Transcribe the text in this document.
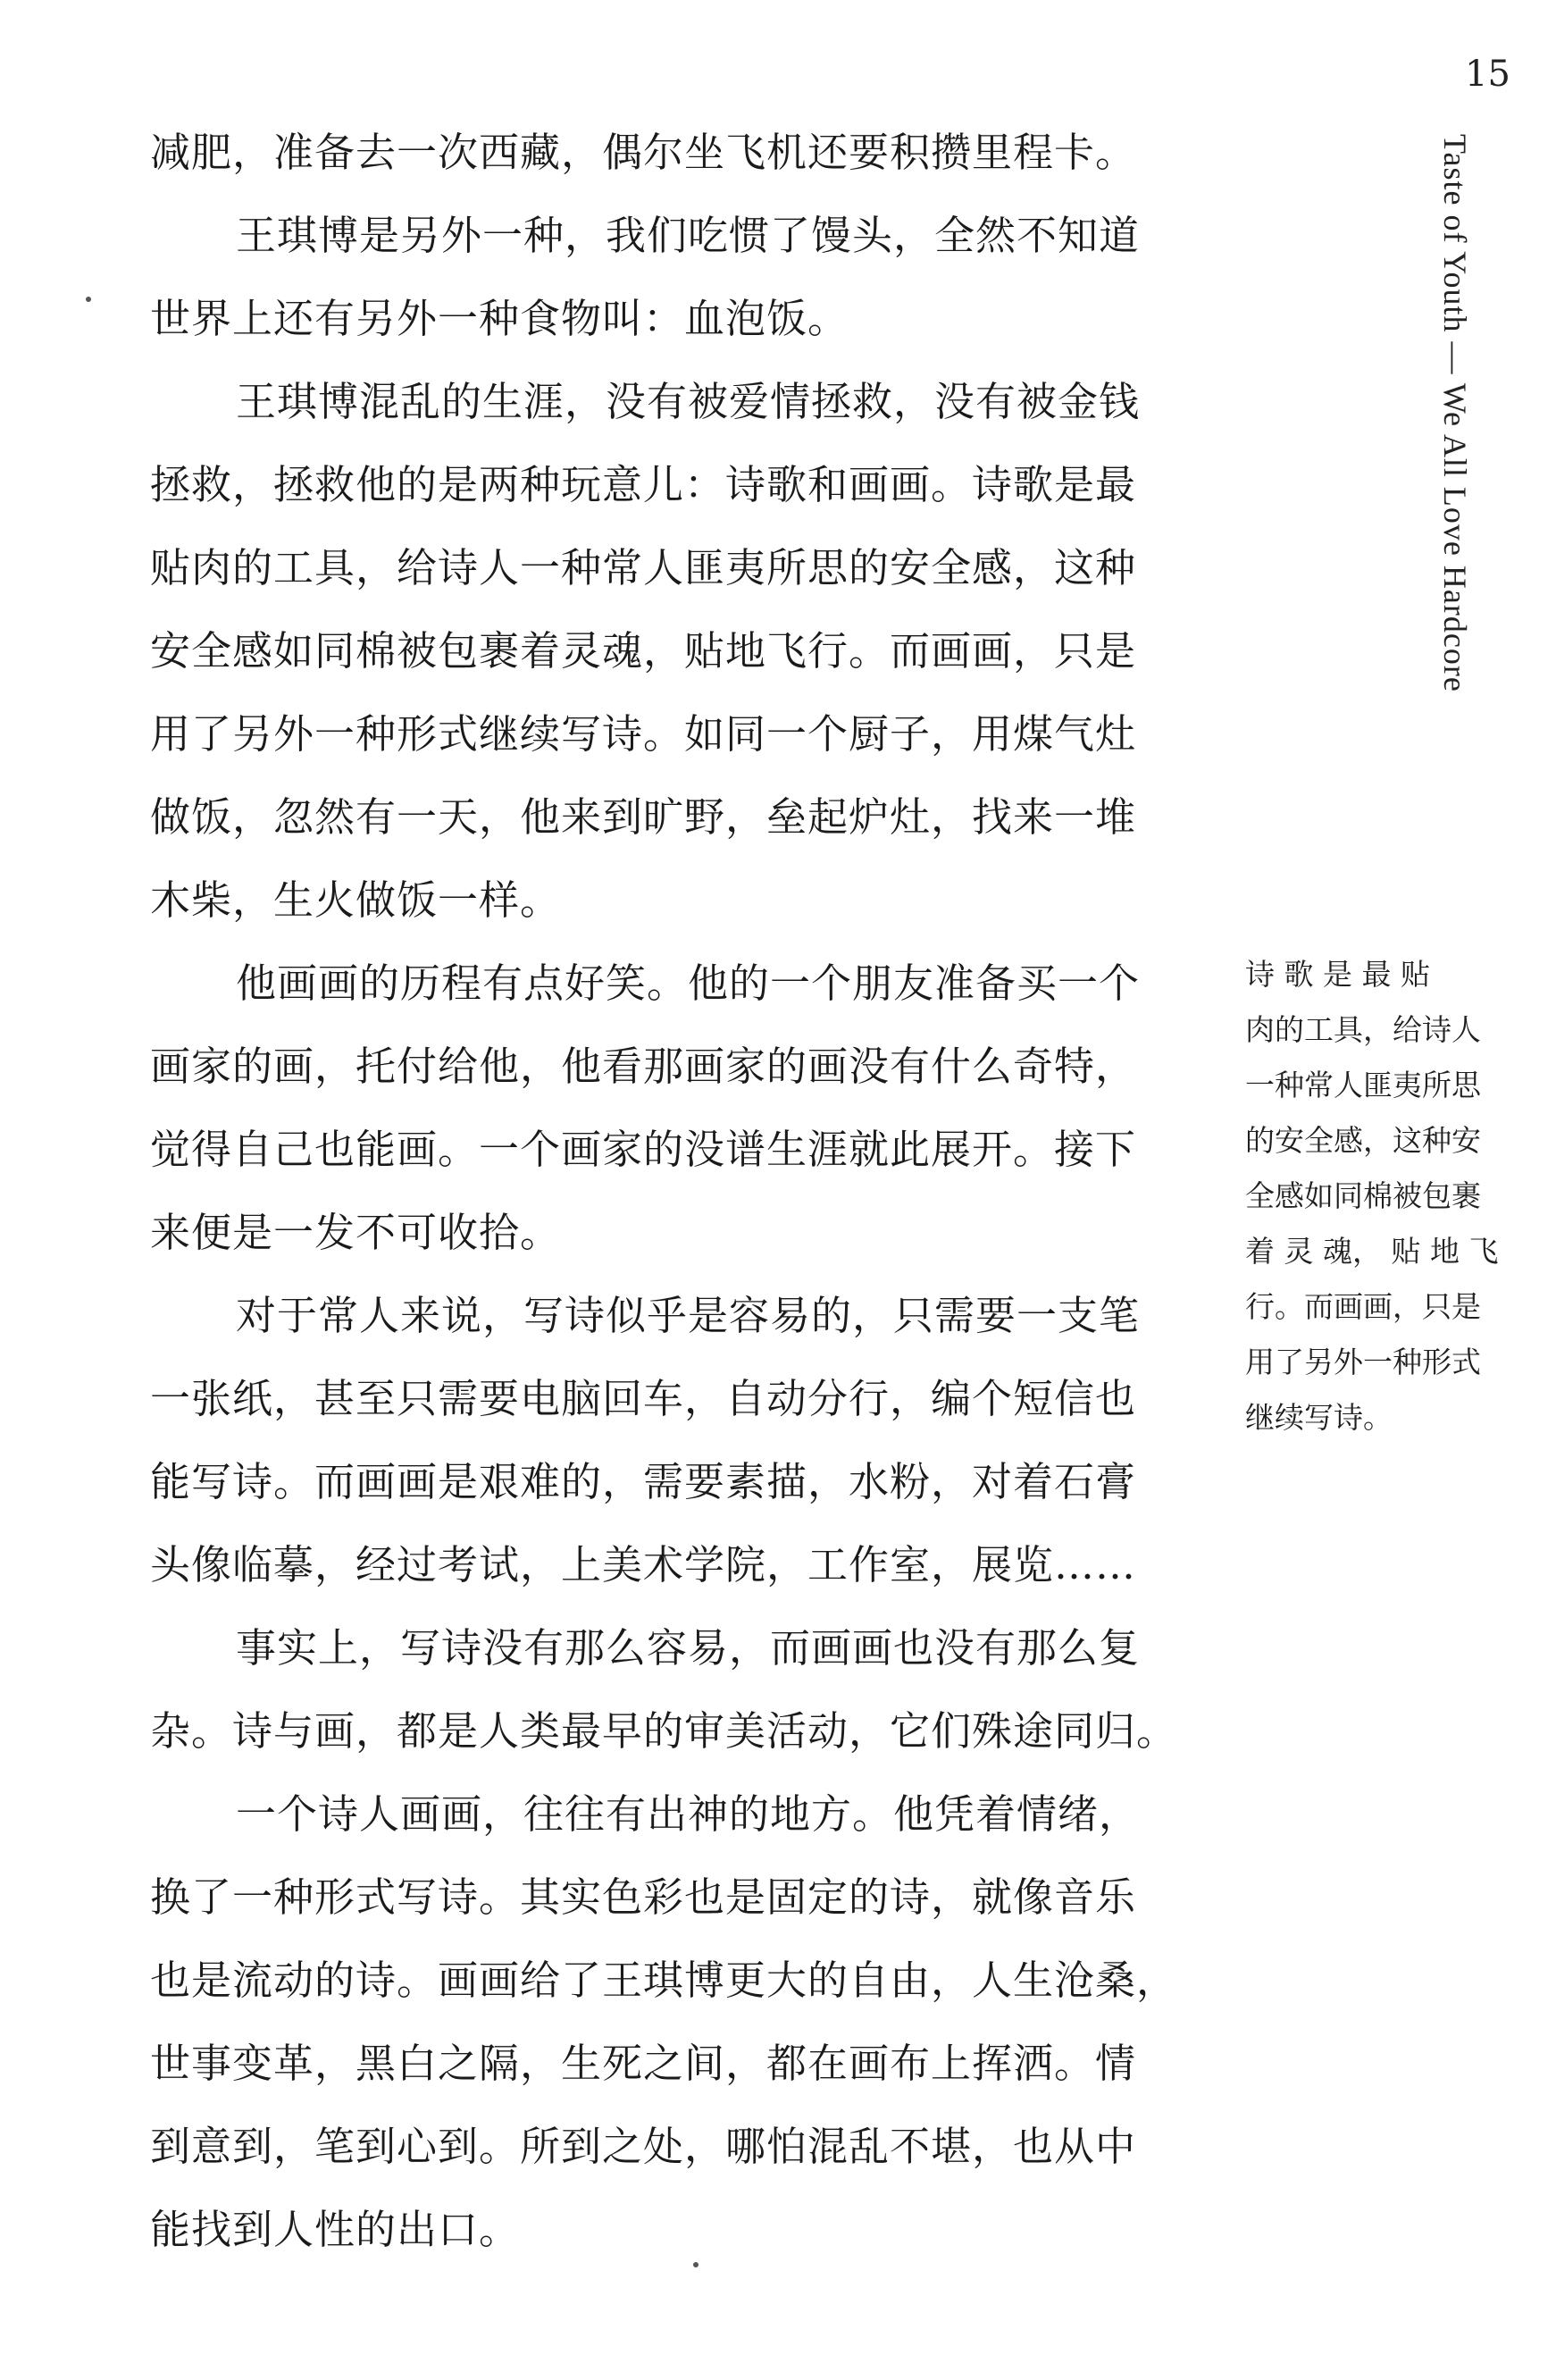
15
Taste of Youth — We All Love Hardcore
减肥，准备去一次西藏，偶尔坐飞机还要积攒里程卡。
王琪博是另外一种，我们吃惯了馒头，全然不知道
世界上还有另外一种食物叫：血泡饭。
王琪博混乱的生涯，没有被爱情拯救，没有被金钱
拯救，拯救他的是两种玩意儿：诗歌和画画。诗歌是最
贴肉的工具，给诗人一种常人匪夷所思的安全感，这种
安全感如同棉被包裹着灵魂，贴地飞行。而画画，只是
用了另外一种形式继续写诗。如同一个厨子，用煤气灶
做饭，忽然有一天，他来到旷野，垒起炉灶，找来一堆
木柴，生火做饭一样。
他画画的历程有点好笑。他的一个朋友准备买一个
画家的画，托付给他，他看那画家的画没有什么奇特，
觉得自己也能画。一个画家的没谱生涯就此展开。接下
来便是一发不可收拾。
对于常人来说，写诗似乎是容易的，只需要一支笔
一张纸，甚至只需要电脑回车，自动分行，编个短信也
能写诗。而画画是艰难的，需要素描，水粉，对着石膏
头像临摹，经过考试，上美术学院，工作室，展览……
事实上，写诗没有那么容易，而画画也没有那么复
杂。诗与画，都是人类最早的审美活动，它们殊途同归。
一个诗人画画，往往有出神的地方。他凭着情绪，
换了一种形式写诗。其实色彩也是固定的诗，就像音乐
也是流动的诗。画画给了王琪博更大的自由，人生沧桑，
世事变革，黑白之隔，生死之间，都在画布上挥洒。情
到意到，笔到心到。所到之处，哪怕混乱不堪，也从中
能找到人性的出口。
诗 歌 是 最 贴
肉的工具，给诗人
一种常人匪夷所思
的安全感，这种安
全感如同棉被包裹
着 灵 魂， 贴 地 飞
行。而画画，只是
用了另外一种形式
继续写诗。
